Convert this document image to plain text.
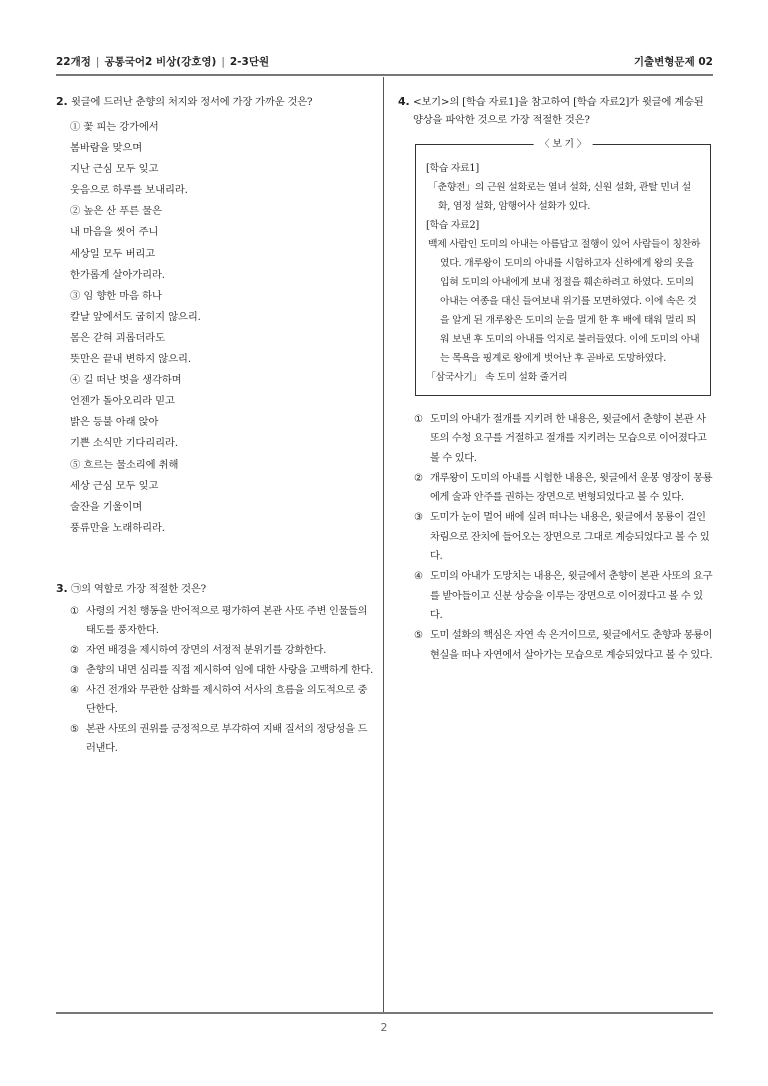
22개정 | 공통국어2 비상(강호영) | 2-3단원	기출변형문제 02
2. 윗글에 드러난 춘향의 처지와 정서에 가장 가까운 것은?
① 꽃 피는 강가에서
봄바람을 맞으며
지난 근심 모두 잊고
웃음으로 하루를 보내리라.
② 높은 산 푸른 물은
내 마음을 씻어 주니
세상일 모두 버리고
한가롭게 살아가리라.
③ 임 향한 마음 하나
칼날 앞에서도 굽히지 않으리.
몸은 갇혀 괴롭더라도
뜻만은 끝내 변하지 않으리.
④ 길 떠난 벗을 생각하며
언젠가 돌아오리라 믿고
밝은 등불 아래 앉아
기쁜 소식만 기다리리라.
⑤ 흐르는 물소리에 취해
세상 근심 모두 잊고
술잔을 기울이며
풍류만을 노래하리라.
3. ㉠의 역할로 가장 적절한 것은?
① 사령의 거친 행동을 반어적으로 평가하여 본관 사또 주변 인물들의 태도를 풍자한다.
② 자연 배경을 제시하여 장면의 서정적 분위기를 강화한다.
③ 춘향의 내면 심리를 직접 제시하여 임에 대한 사랑을 고백하게 한다.
④ 사건 전개와 무관한 삽화를 제시하여 서사의 흐름을 의도적으로 중단한다.
⑤ 본관 사또의 권위를 긍정적으로 부각하여 지배 질서의 정당성을 드러낸다.
4. <보기>의 [학습 자료1]을 참고하여 [학습 자료2]가 윗글에 계승된 양상을 파악한 것으로 가장 적절한 것은?
〈 보 기 〉
[학습 자료1]
「춘향전」의 근원 설화로는 열녀 설화, 신원 설화, 관탈 민녀 설화, 염정 설화, 암행어사 설화가 있다.
[학습 자료2]
백제 사람인 도미의 아내는 아름답고 절행이 있어 사람들이 칭찬하였다. 개루왕이 도미의 아내를 시험하고자 신하에게 왕의 옷을 입혀 도미의 아내에게 보내 정절을 훼손하려고 하였다. 도미의 아내는 여종을 대신 들여보내 위기를 모면하였다. 이에 속은 것을 알게 된 개루왕은 도미의 눈을 멀게 한 후 배에 태워 멀리 띄워 보낸 후 도미의 아내를 억지로 불러들였다. 이에 도미의 아내는 목욕을 핑계로 왕에게 벗어난 후 곧바로 도망하였다.
「삼국사기」 속 도미 설화 줄거리
① 도미의 아내가 절개를 지키려 한 내용은, 윗글에서 춘향이 본관 사또의 수청 요구를 거절하고 절개를 지키려는 모습으로 이어졌다고 볼 수 있다.
② 개루왕이 도미의 아내를 시험한 내용은, 윗글에서 운봉 영장이 몽룡에게 술과 안주를 권하는 장면으로 변형되었다고 볼 수 있다.
③ 도미가 눈이 멀어 배에 실려 떠나는 내용은, 윗글에서 몽룡이 걸인 차림으로 잔치에 들어오는 장면으로 그대로 계승되었다고 볼 수 있다.
④ 도미의 아내가 도망치는 내용은, 윗글에서 춘향이 본관 사또의 요구를 받아들이고 신분 상승을 이루는 장면으로 이어졌다고 볼 수 있다.
⑤ 도미 설화의 핵심은 자연 속 은거이므로, 윗글에서도 춘향과 몽룡이 현실을 떠나 자연에서 살아가는 모습으로 계승되었다고 볼 수 있다.
2
